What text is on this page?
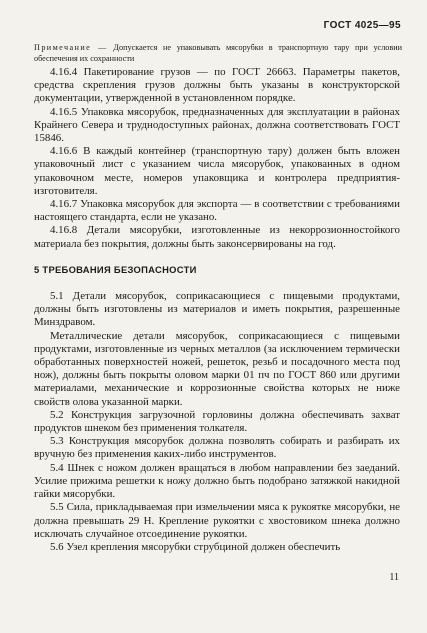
ГОСТ 4025—95
Примечание — Допускается не упаковывать мясорубки в транспортную тару при условии обеспечения их сохранности

4.16.4 Пакетирование грузов — по ГОСТ 26663. Параметры пакетов, средства скрепления грузов должны быть указаны в конструкторской документации, утвержденной в установленном порядке.

4.16.5 Упаковка мясорубок, предназначенных для эксплуатации в районах Крайнего Севера и труднодоступных районах, должна соответствовать ГОСТ 15846.

4.16.6 В каждый контейнер (транспортную тару) должен быть вложен упаковочный лист с указанием числа мясорубок, упакованных в одном упаковочном месте, номеров упаковщика и контролера предприятия-изготовителя.

4.16.7 Упаковка мясорубок для экспорта — в соответствии с требованиями настоящего стандарта, если не указано.

4.16.8 Детали мясорубки, изготовленные из некоррозионностойкого материала без покрытия, должны быть законсервированы на год.

5 ТРЕБОВАНИЯ БЕЗОПАСНОСТИ

5.1 Детали мясорубок, соприкасающиеся с пищевыми продуктами, должны быть изготовлены из материалов и иметь покрытия, разрешенные Минздравом.

Металлические детали мясорубок, соприкасающиеся с пищевыми продуктами, изготовленные из черных металлов (за исключением термически обработанных поверхностей ножей, решеток, резьб и посадочного места под нож), должны быть покрыты оловом марки 01 пч по ГОСТ 860 или другими материалами, механические и коррозионные свойства которых не ниже свойств олова указанной марки.

5.2 Конструкция загрузочной горловины должна обеспечивать захват продуктов шнеком без применения толкателя.

5.3 Конструкция мясорубок должна позволять собирать и разбирать их вручную без применения каких-либо инструментов.

5.4 Шнек с ножом должен вращаться в любом направлении без заеданий. Усилие прижима решетки к ножу должно быть подобрано затяжкой накидной гайки мясорубки.

5.5 Сила, прикладываемая при измельчении мяса к рукоятке мясорубки, не должна превышать 29 Н. Крепление рукоятки с хвостовиком шнека должно исключать случайное отсоединение рукоятки.

5.6 Узел крепления мясорубки струбциной должен обеспечить

11
